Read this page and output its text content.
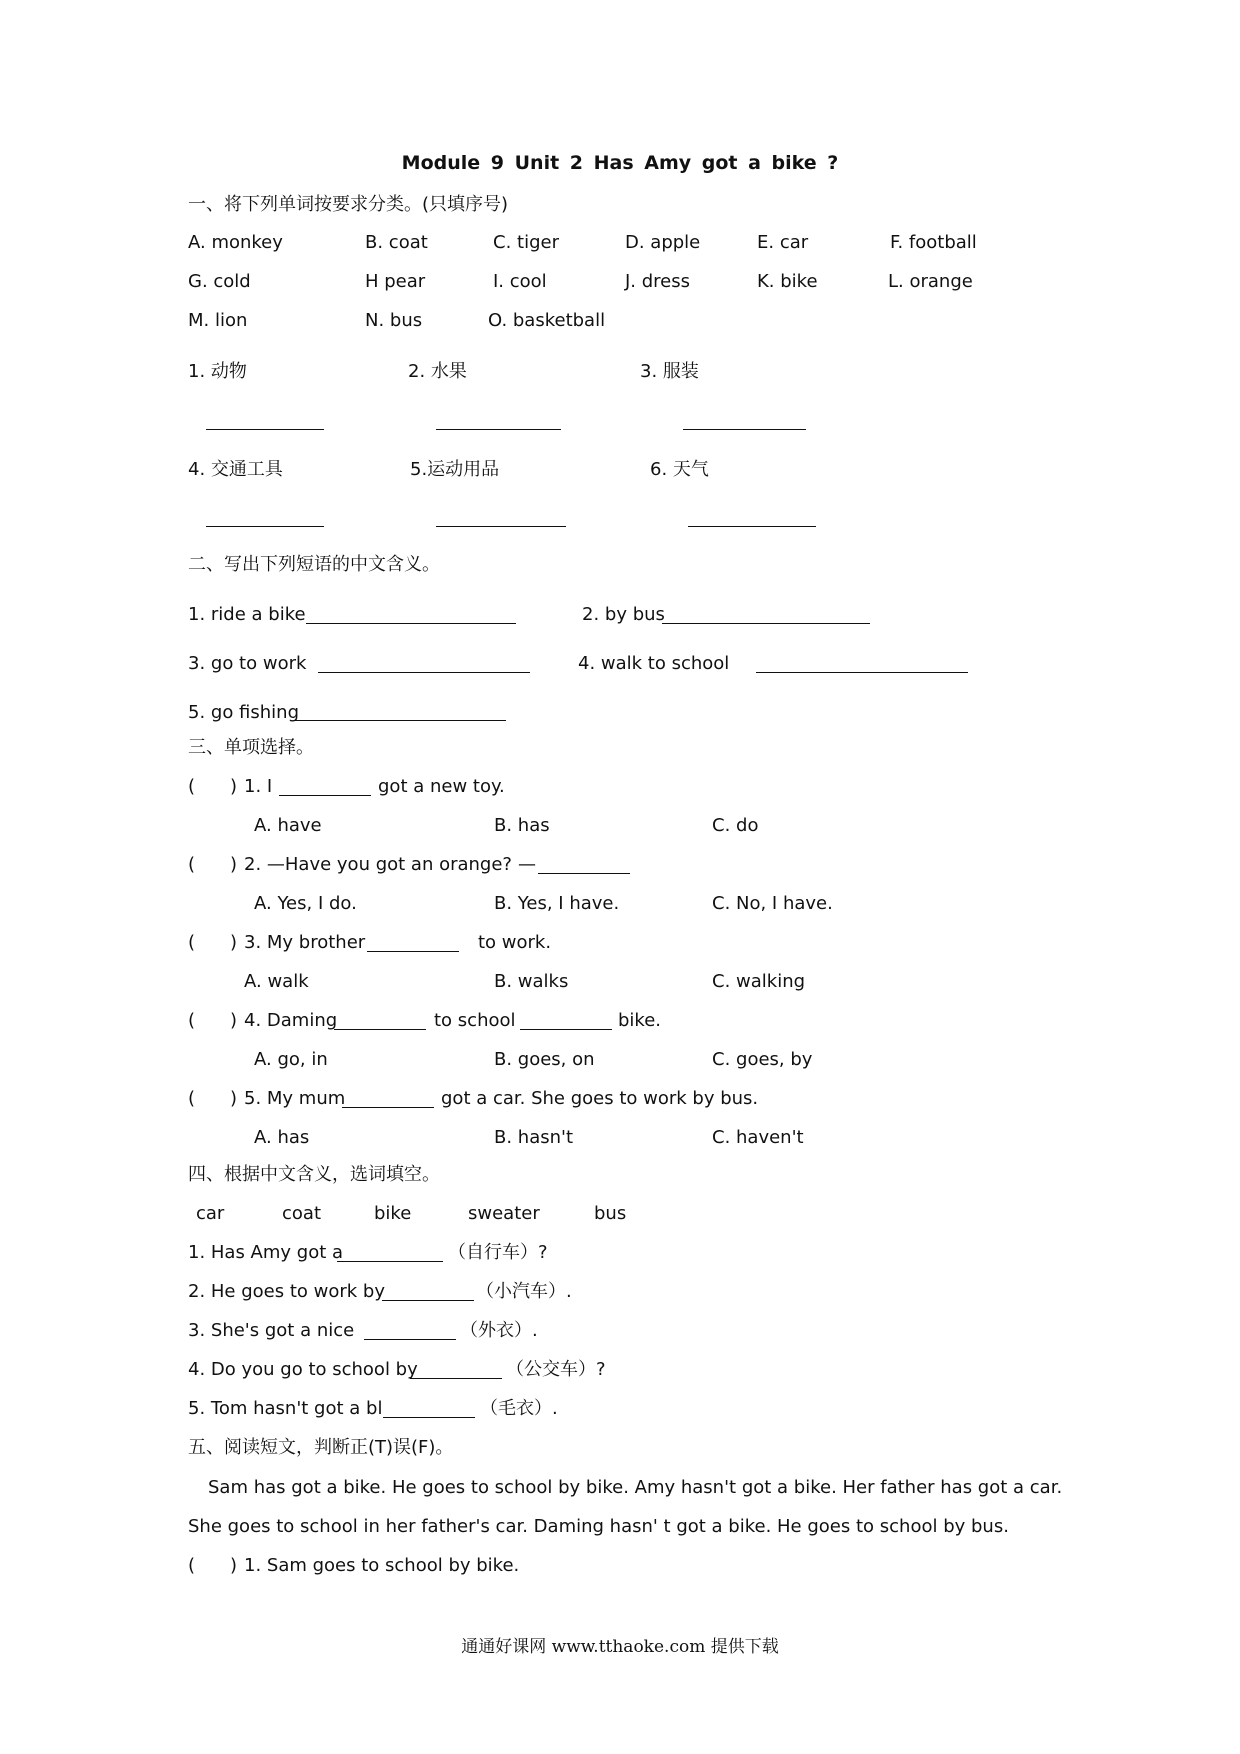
Module 9 Unit 2 Has Amy got a bike ?
一、将下列单词按要求分类。(只填序号)
A. monkey	B. coat	C. tiger	D. apple	E. car	F. football
G. cold	H pear	I. cool	J. dress	K. bike	L. orange
M. lion	N. bus	O. basketball
1. 动物	2. 水果	3. 服装
4. 交通工具	5.运动用品	6. 天气
二、写出下列短语的中文含义。
1. ride a bike	2. by bus
3. go to work	4. walk to school
5. go fishing
三、单项选择。
( ) 1. I	got a new toy.
A. have	B. has	C. do
( ) 2. —Have you got an orange? —
A. Yes, I do.	B. Yes, I have.	C. No, I have.
( ) 3. My brother	to work.
A. walk	B. walks	C. walking
( ) 4. Daming	to school	bike.
A. go, in	B. goes, on	C. goes, by
( ) 5. My mum	got a car. She goes to work by bus.
A. has	B. hasn't	C. haven't
四、根据中文含义，选词填空。
car	coat	bike	sweater	bus
1. Has Amy got a	（自行车）?
2. He goes to work by	（小汽车）.
3. She's got a nice	（外衣）.
4. Do you go to school by	（公交车）?
5. Tom hasn't got a bl	（毛衣）.
五、阅读短文，判断正(T)误(F)。
Sam has got a bike. He goes to school by bike. Amy hasn't got a bike. Her father has got a car.
She goes to school in her father's car. Daming hasn' t got a bike. He goes to school by bus.
( ) 1. Sam goes to school by bike.
通通好课网 www.tthaoke.com 提供下载
